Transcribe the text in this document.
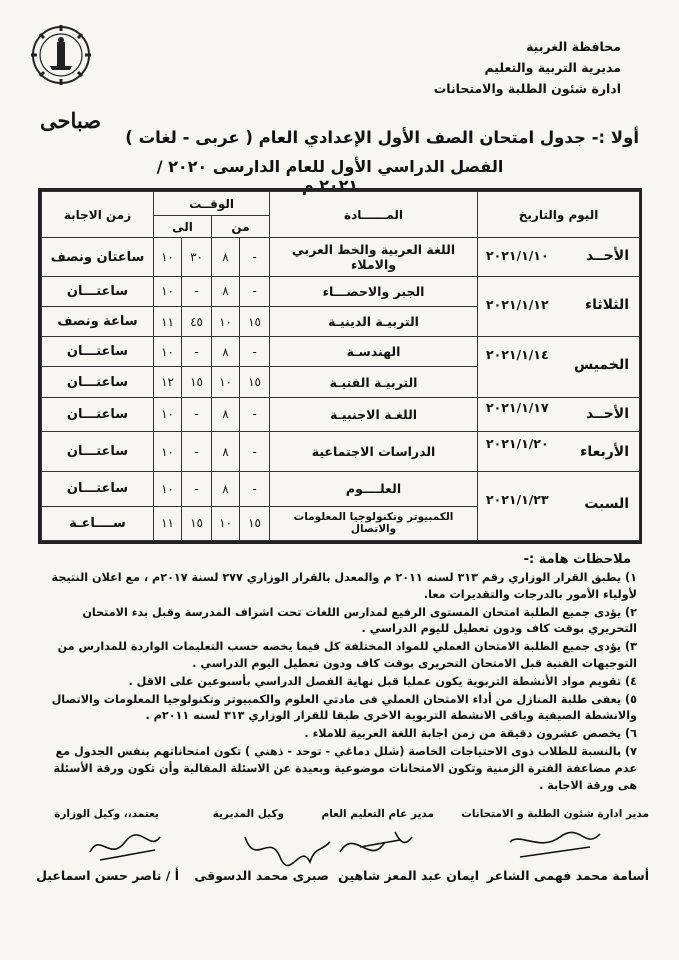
محافظة الغربية
مديرية التربية والتعليم
ادارة شئون الطلبة والامتحانات
صباحى
أولا :- جدول امتحان الصف الأول الإعدادي العام ( عربى - لغات )
الفصل الدراسي الأول للعام الدارسى ٢٠٢٠ / ٢٠٢١ م
اليوم والتاريخ	المــــــادة	الوقــت				زمن الاجابة
		من		الى		

الأحــد
٢٠٢١/١/١٠	اللغة العربية والخط العربي والاملاء	-	٨	٣٠	١٠	ساعتان ونصف

الثلاثاء
٢٠٢١/١/١٢	الجبر والاحصـــاء	-	٨	-	١٠	ساعتـــان
	التربيـة الدينيـة	١٥	١٠	٤٥	١١	ساعة ونصف

الخميس
٢٠٢١/١/١٤	الهندسـة	-	٨	-	١٠	ساعتـــان
	التربيـة الفنيـة	١٥	١٠	١٥	١٢	ساعتـــان

الأحــد
٢٠٢١/١/١٧	اللغـة الاجنبيـة	-	٨	-	١٠	ساعتـــان

الأربعاء
٢٠٢١/١/٢٠	الدراسات الاجتماعية	-	٨	-	١٠	ساعتـــان

السبت
٢٠٢١/١/٢٣	العلــــوم	-	٨	-	١٠	ساعتـــان
	الكمبيوتر وتكنولوجيا المعلومات والاتصال	١٥	١٠	١٥	١١	ســــاعـة
ملاحظات هامة :-

١) يطبق القرار الوزاري رقم ٣١٣ لسنه ٢٠١١ م والمعدل بالقرار الوزاري ٢٧٧ لسنة ٢٠١٧م ، مع اعلان النتيجة لأولياء الأمور بالدرجات والتقديرات معا.

٢) يؤدى جميع الطلبة امتحان المستوى الرفيع لمدارس اللغات تحت اشراف المدرسة وقبل بدء الامتحان التحريري بوقت كاف ودون تعطيل لليوم الدراسي .

٣) يؤدى جميع الطلبة الامتحان العملي للمواد المختلفة كل فيما يخصه حسب التعليمات الواردة للمدارس من التوجيهات الفنية قبل الامتحان التحريرى بوقت كاف ودون تعطيل اليوم الدراسي .

٤) تقويم مواد الأنشطة التربوية يكون عمليا قبل نهاية الفصل الدراسي بأسبوعين على الاقل .

٥) يعفى طلبة المنازل من أداء الامتحان العملي فى مادتي العلوم والكمبيوتر وتكنولوجيا المعلومات والاتصال والانشطة الصيفية وباقى الانشطة التربوية الاخرى طبقا للقرار الوزاري ٣١٣ لسنه ٢٠١١م .

٦) يخصص عشرون دقيقة من زمن اجابة اللغة العربية للاملاء .

٧) بالنسبة للطلاب ذوى الاحتياجات الخاصة (شلل دماغي - توحد - ذهني ) تكون امتحاناتهم بنفس الجدول مع عدم مضاعفة الفترة الزمنية وتكون الامتحانات موضوعية وبعيدة عن الاسئلة المقالية وأن تكون ورقة الأسئلة هى ورقة الاجابة .

مدير ادارة شئون الطلبة و الامتحانات
مدير عام التعليم العام
وكيل المديرية
يعتمد،، وكيل الوزارة
أسامة محمد فهمى الشاعر
ايمان عبد المعز شاهين
صبرى محمد الدسوقى
أ / ناصر حسن اسماعيل
